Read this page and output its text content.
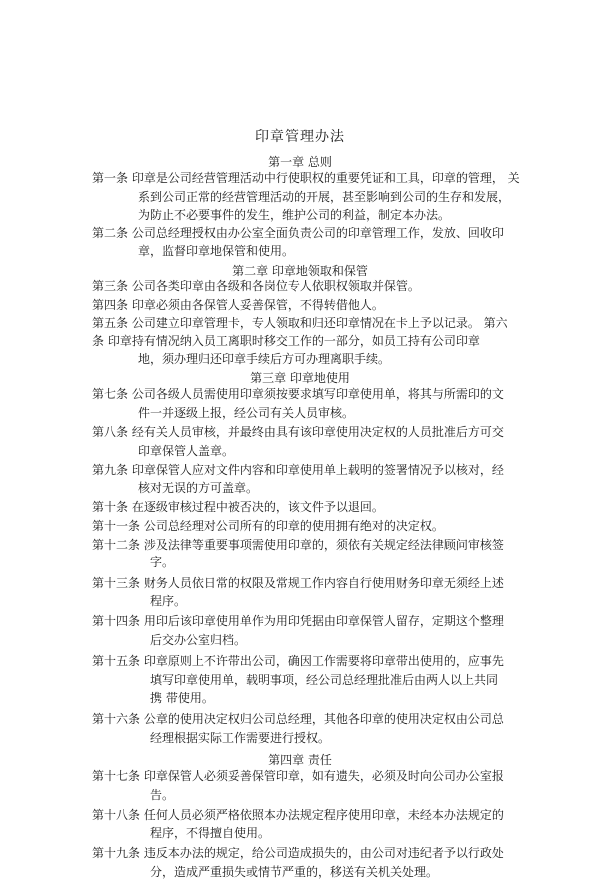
印章管理办法
第一章 总则
第一条 印章是公司经营管理活动中行使职权的重要凭证和工具，印章的管理， 关
系到公司正常的经营管理活动的开展，甚至影响到公司的生存和发展，
为防止不必要事件的发生，维护公司的利益，制定本办法。
第二条 公司总经理授权由办公室全面负责公司的印章管理工作，发放、回收印
章，监督印章地保管和使用。
第二章 印章地领取和保管
第三条 公司各类印章由各级和各岗位专人依职权领取并保管。
第四条 印章必须由各保管人妥善保管，不得转借他人。
第五条 公司建立印章管理卡，专人领取和归还印章情况在卡上予以记录。 第六
条 印章持有情况纳入员工离职时移交工作的一部分，如员工持有公司印章
地，须办理归还印章手续后方可办理离职手续。
第三章 印章地使用
第七条 公司各级人员需使用印章须按要求填写印章使用单，将其与所需印的文
件一并逐级上报，经公司有关人员审核。
第八条 经有关人员审核，并最终由具有该印章使用决定权的人员批准后方可交
印章保管人盖章。
第九条 印章保管人应对文件内容和印章使用单上载明的签署情况予以核对，经
核对无误的方可盖章。
第十条 在逐级审核过程中被否决的，该文件予以退回。
第十一条 公司总经理对公司所有的印章的使用拥有绝对的决定权。
第十二条 涉及法律等重要事项需使用印章的，须依有关规定经法律顾问审核签
字。
第十三条 财务人员依日常的权限及常规工作内容自行使用财务印章无须经上述
程序。
第十四条 用印后该印章使用单作为用印凭据由印章保管人留存，定期这个整理
后交办公室归档。
第十五条 印章原则上不许带出公司，确因工作需要将印章带出使用的，应事先
填写印章使用单，载明事项，经公司总经理批准后由两人以上共同
携 带使用。
第十六条 公章的使用决定权归公司总经理，其他各印章的使用决定权由公司总
经理根据实际工作需要进行授权。
第四章 责任
第十七条 印章保管人必须妥善保管印章，如有遗失，必须及时向公司办公室报
告。
第十八条 任何人员必须严格依照本办法规定程序使用印章，未经本办法规定的
程序，不得擅自使用。
第十九条 违反本办法的规定，给公司造成损失的，由公司对违纪者予以行政处
分，造成严重损失或情节严重的，移送有关机关处理。
